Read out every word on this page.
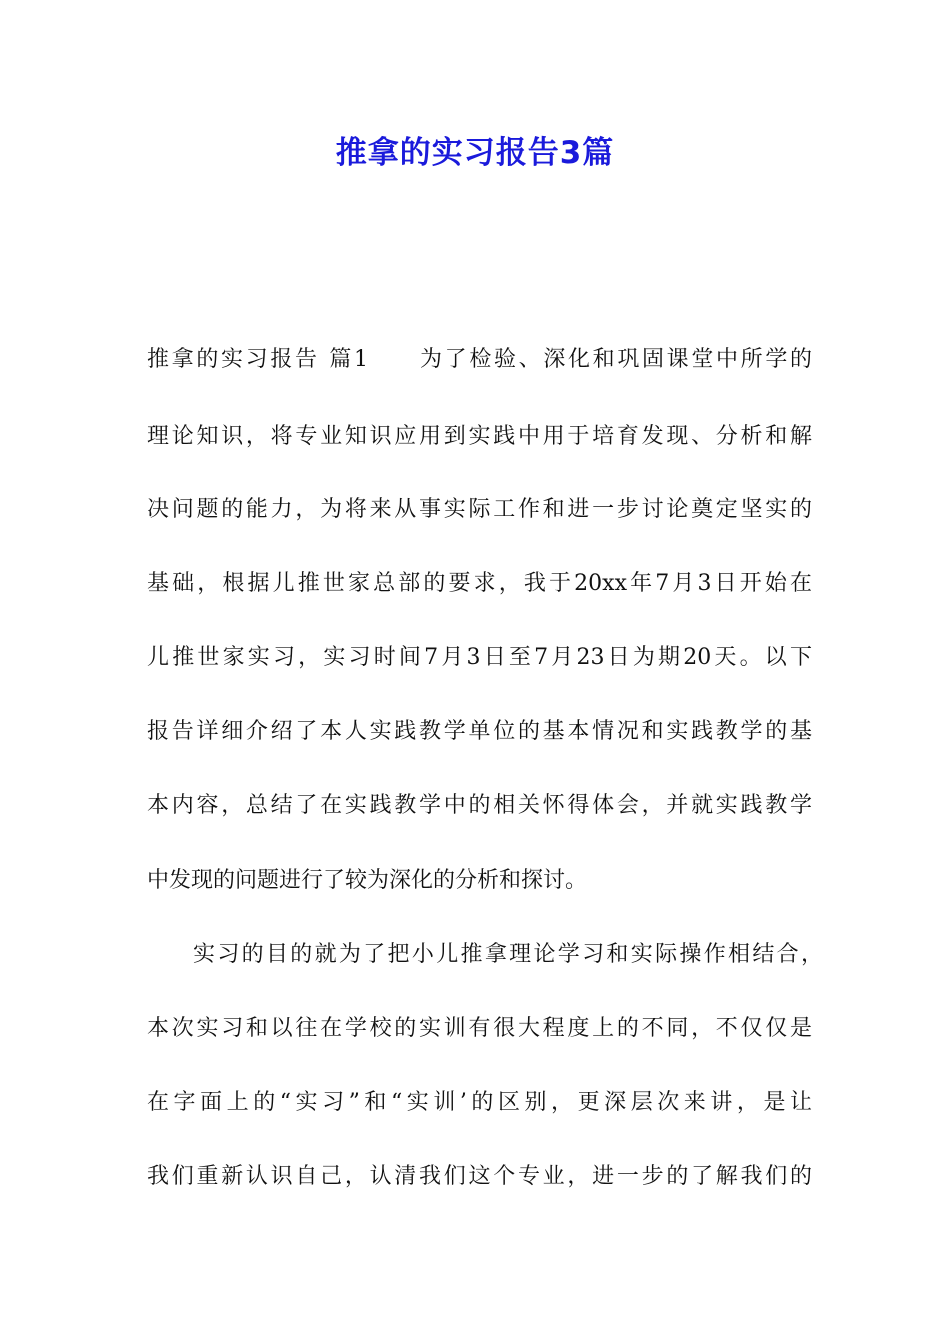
推拿的实习报告3篇
推拿的实习报告 篇1　　为了检验、深化和巩固课堂中所学的
理论知识，将专业知识应用到实践中用于培育发现、分析和解
决问题的能力，为将来从事实际工作和进一步讨论奠定坚实的
基础，根据儿推世家总部的要求，我于20xx年7月3日开始在
儿推世家实习，实习时间7月3日至7月23日为期20天。以下
报告详细介绍了本人实践教学单位的基本情况和实践教学的基
本内容，总结了在实践教学中的相关怀得体会，并就实践教学
中发现的问题进行了较为深化的分析和探讨。
实习的目的就为了把小儿推拿理论学习和实际操作相结合，
本次实习和以往在学校的实训有很大程度上的不同，不仅仅是
在字面上的“实习”和“实训’的区别，更深层次来讲，是让
我们重新认识自己，认清我们这个专业，进一步的了解我们的
